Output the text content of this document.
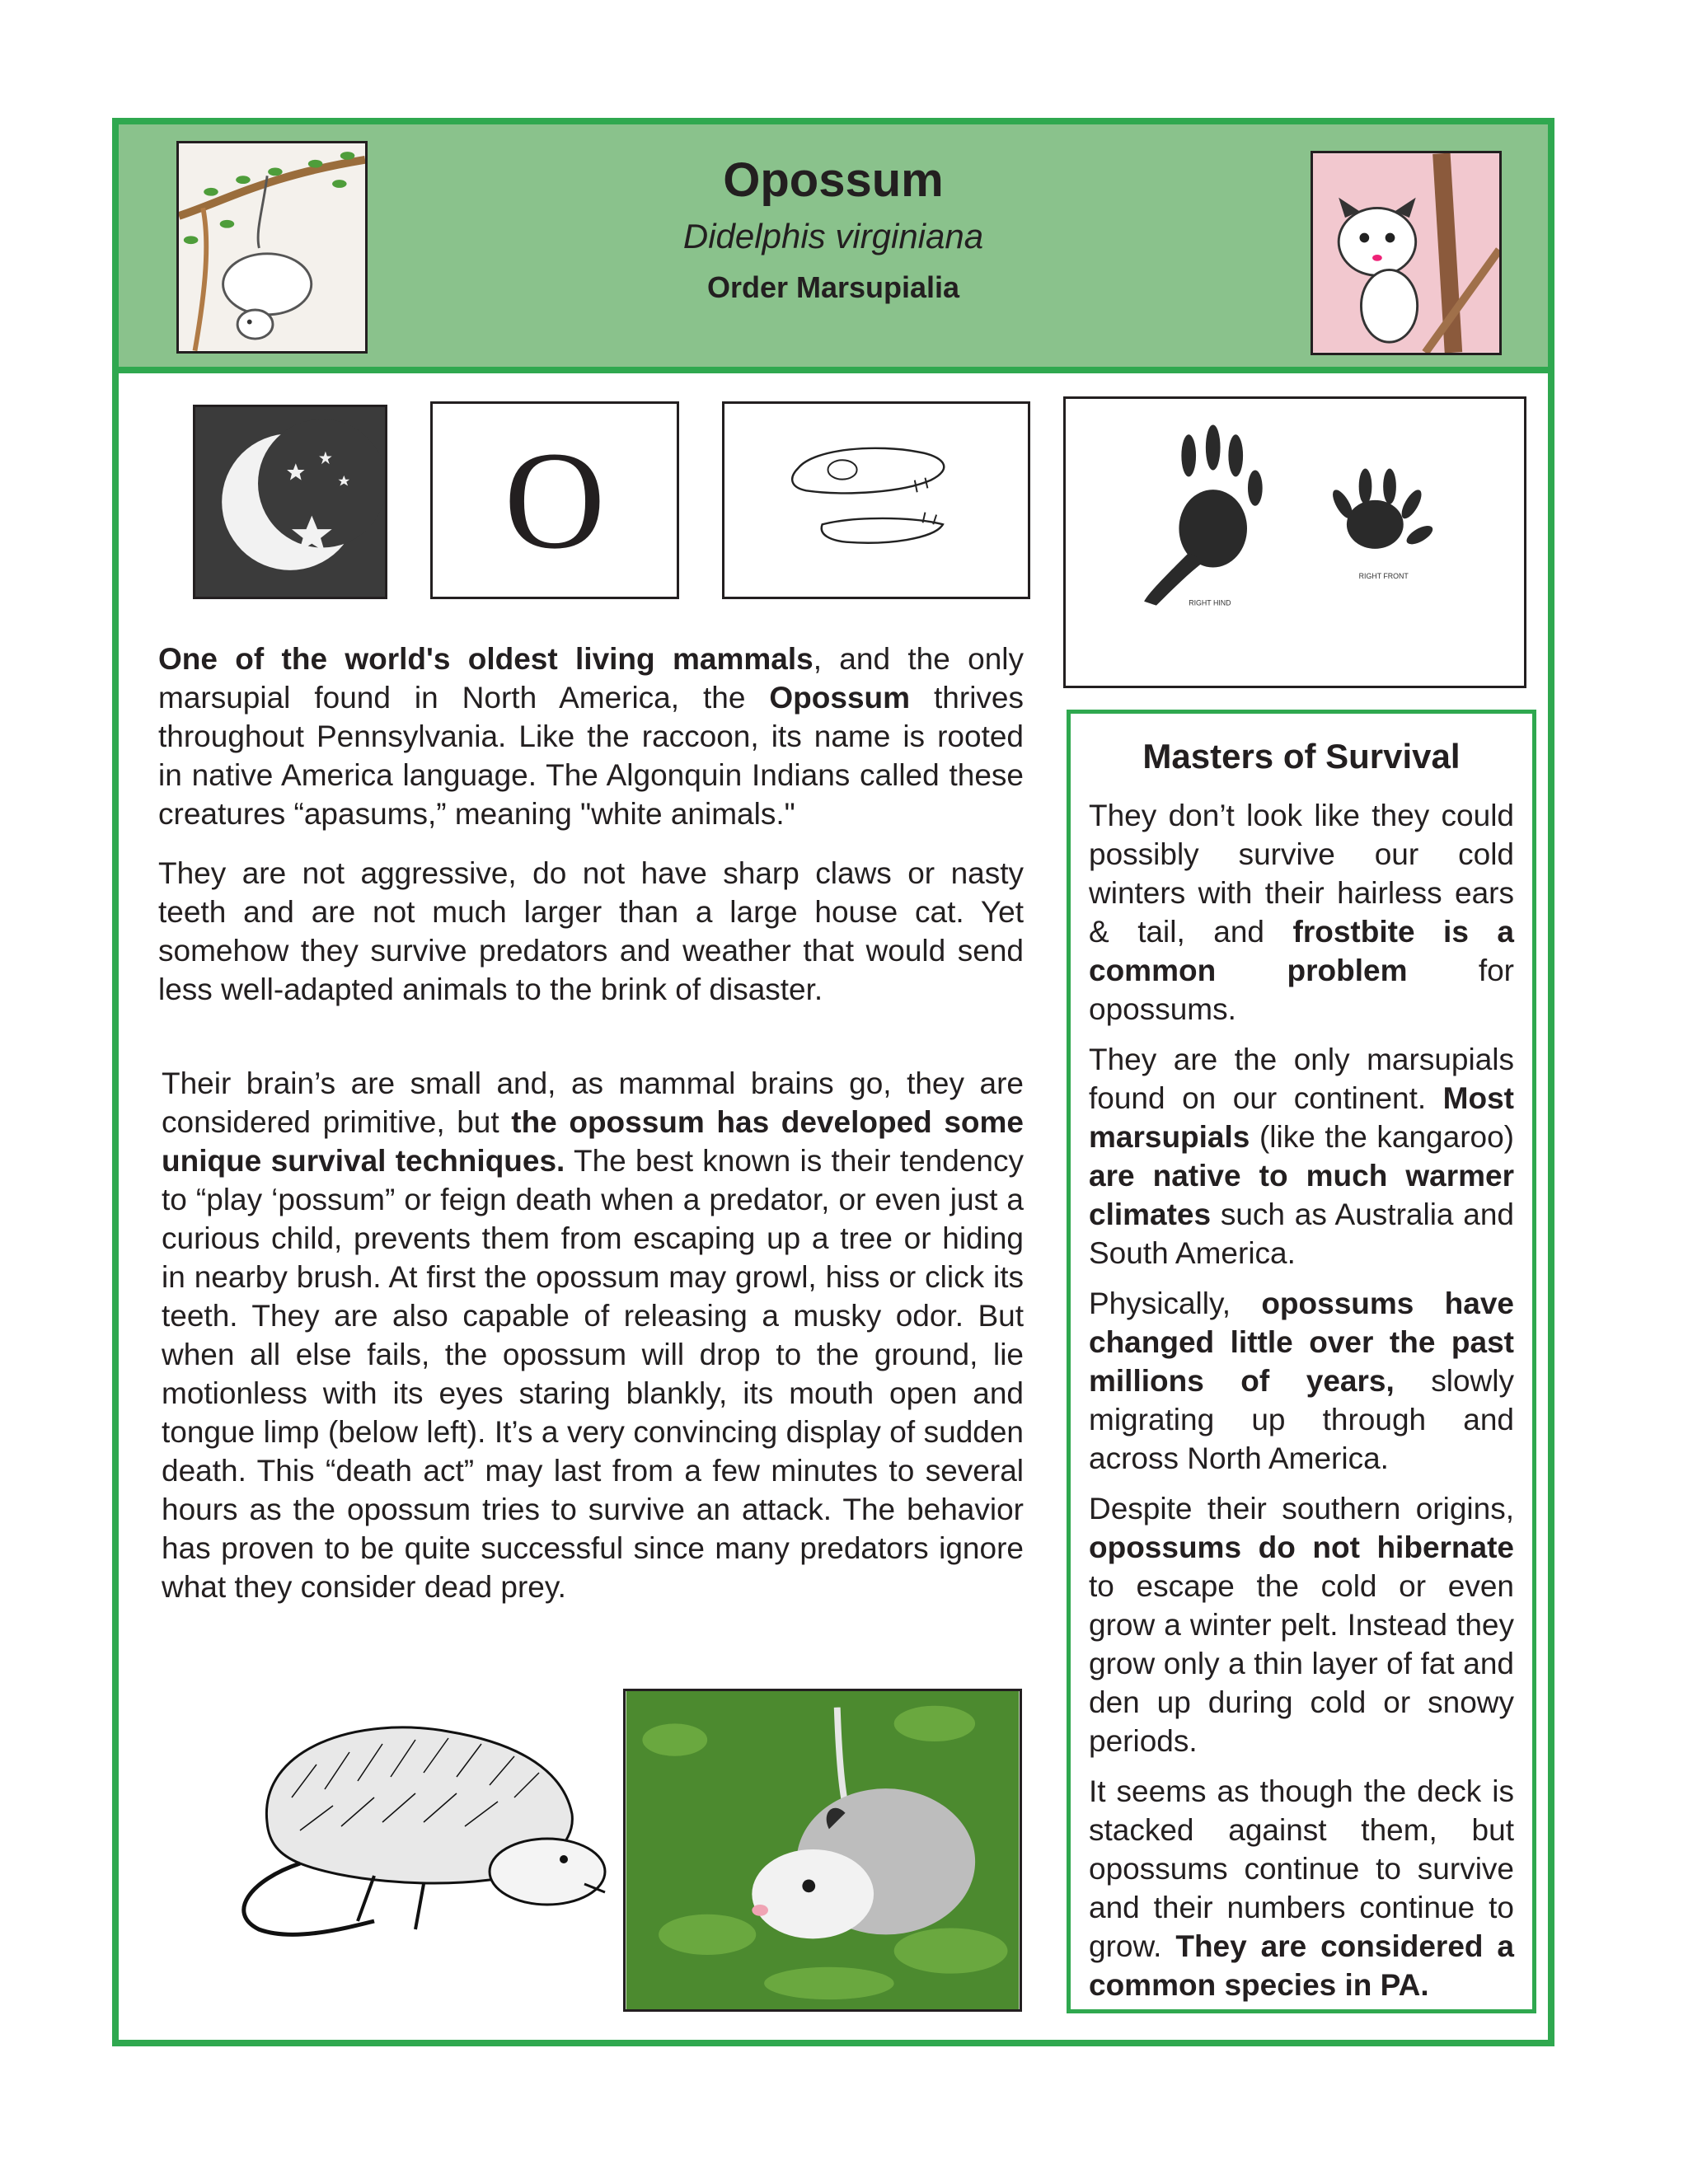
Opossum
Didelphis virginiana
Order Marsupialia
O
RIGHT HIND
RIGHT FRONT

One of the world's oldest living mammals, and the only marsupial found in North America, the Opossum thrives throughout Pennsylvania. Like the raccoon, its name is rooted in native America language. The Algonquin Indians called these creatures “apasums,” meaning "white animals."

They are not aggressive, do not have sharp claws or nasty teeth and are not much larger than a large house cat. Yet somehow they survive predators and weather that would send less well-adapted animals to the brink of disaster.

Their brain’s are small and, as mammal brains go, they are considered primitive, but the opossum has developed some unique survival techniques. The best known is their tendency to “play ‘possum” or feign death when a predator, or even just a curious child, prevents them from escaping up a tree or hiding in nearby brush. At first the opossum may growl, hiss or click its teeth. They are also capable of releasing a musky odor. But when all else fails, the opossum will drop to the ground, lie motionless with its eyes staring blankly, its mouth open and tongue limp (below left). It’s a very convincing display of sudden death. This “death act” may last from a few minutes to several hours as the opossum tries to survive an attack. The behavior has proven to be quite successful since many predators ignore what they consider dead prey.

Masters of Survival

They don’t look like they could possibly survive our cold winters with their hairless ears & tail, and frostbite is a common problem for opossums.

They are the only marsupials found on our continent. Most marsupials (like the kangaroo) are native to much warmer climates such as Australia and South America.

Physically, opossums have changed little over the past millions of years, slowly migrating up through and across North America.

Despite their southern origins, opossums do not hibernate to escape the cold or even grow a winter pelt. Instead they grow only a thin layer of fat and den up during cold or snowy periods.

It seems as though the deck is stacked against them, but opossums continue to survive and their numbers continue to grow. They are considered a common species in PA.
